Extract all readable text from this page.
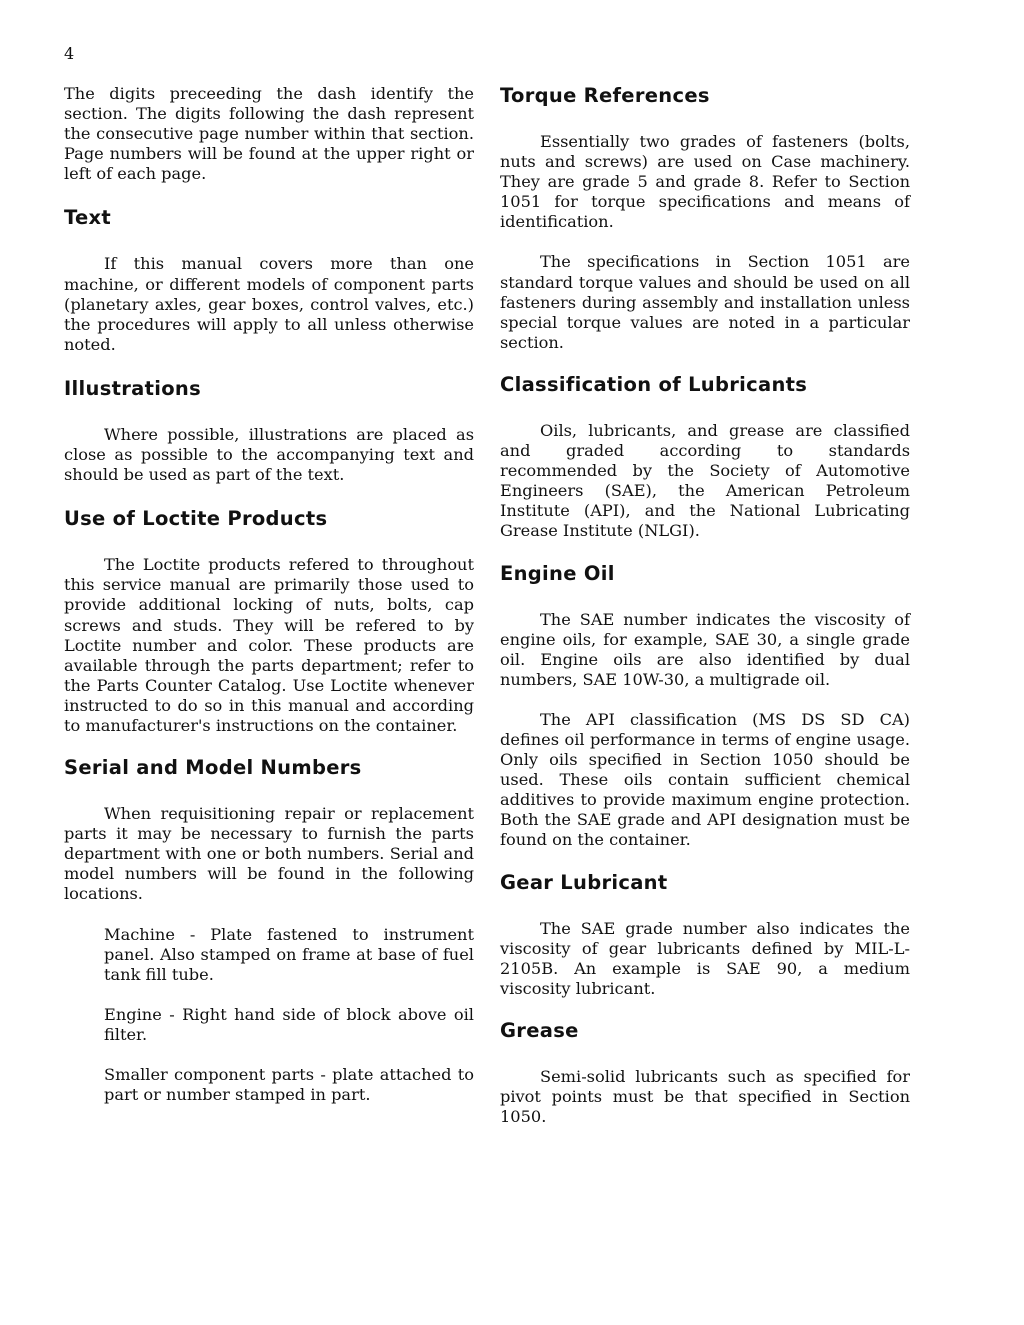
4

The digits preceeding the dash identify the section. The digits following the dash represent the consecutive page number within that section. Page numbers will be found at the upper right or left of each page.

Text

If this manual covers more than one machine, or different models of component parts (planetary axles, gear boxes, control valves, etc.) the procedures will apply to all unless otherwise noted.

Illustrations

Where possible, illustrations are placed as close as possible to the accompanying text and should be used as part of the text.

Use of Loctite Products

The Loctite products refered to throughout this service manual are primarily those used to provide additional locking of nuts, bolts, cap screws and studs. They will be refered to by Loctite number and color. These products are available through the parts department; refer to the Parts Counter Catalog. Use Loctite whenever instructed to do so in this manual and according to manufacturer's instructions on the container.

Serial and Model Numbers

When requisitioning repair or replacement parts it may be necessary to furnish the parts department with one or both numbers. Serial and model numbers will be found in the following locations.

Machine - Plate fastened to instrument panel. Also stamped on frame at base of fuel tank fill tube.

Engine - Right hand side of block above oil filter.

Smaller component parts - plate attached to part or number stamped in part.

Torque References

Essentially two grades of fasteners (bolts, nuts and screws) are used on Case machinery. They are grade 5 and grade 8. Refer to Section 1051 for torque specifications and means of identification.

The specifications in Section 1051 are standard torque values and should be used on all fasteners during assembly and installation unless special torque values are noted in a particular section.

Classification of Lubricants

Oils, lubricants, and grease are classified and graded according to standards recommended by the Society of Automotive Engineers (SAE), the American Petroleum Institute (API), and the National Lubricating Grease Institute (NLGI).

Engine Oil

The SAE number indicates the viscosity of engine oils, for example, SAE 30, a single grade oil. Engine oils are also identified by dual numbers, SAE 10W-30, a multigrade oil.

The API classification (MS DS SD CA) defines oil performance in terms of engine usage. Only oils specified in Section 1050 should be used. These oils contain sufficient chemical additives to provide maximum engine protection. Both the SAE grade and API designation must be found on the container.

Gear Lubricant

The SAE grade number also indicates the viscosity of gear lubricants defined by MIL-L-2105B. An example is SAE 90, a medium viscosity lubricant.

Grease

Semi-solid lubricants such as specified for pivot points must be that specified in Section 1050.
